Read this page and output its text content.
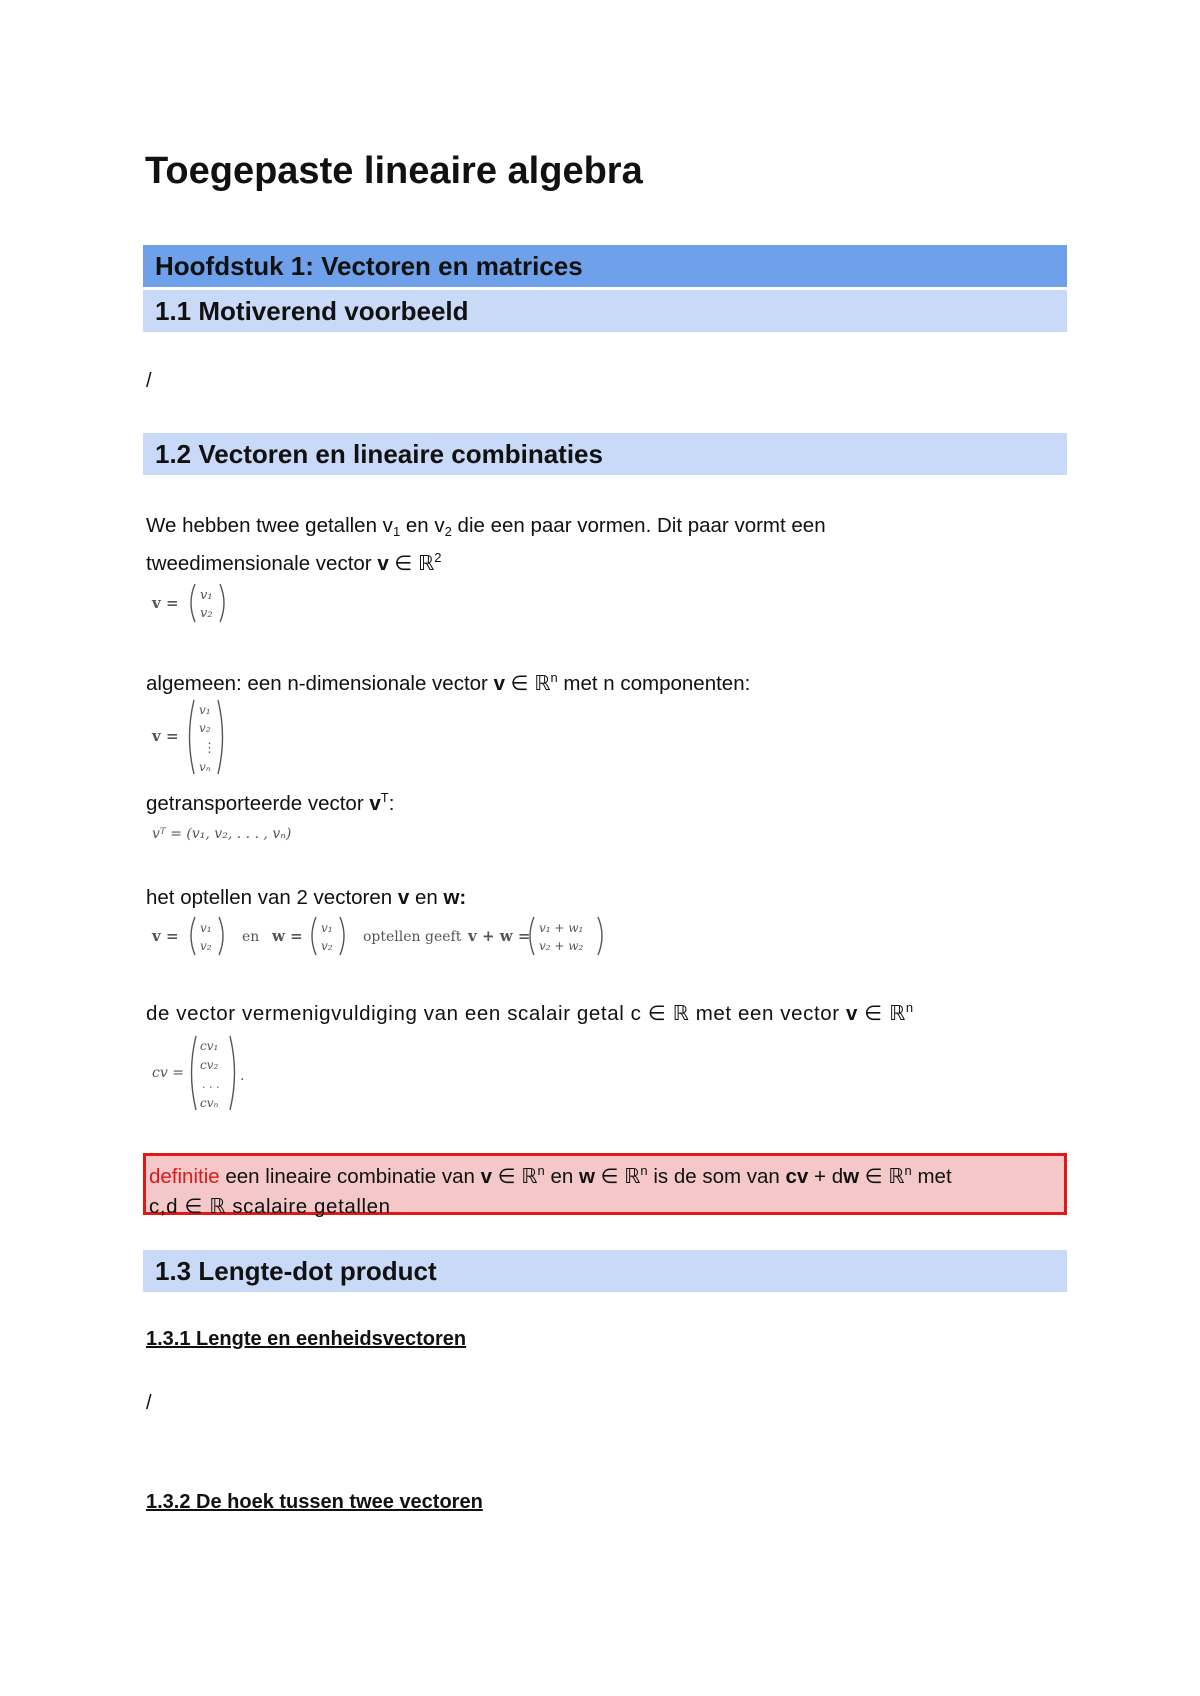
Toegepaste lineaire algebra
Hoofdstuk 1: Vectoren en matrices
1.1 Motiverend voorbeeld
/
1.2 Vectoren en lineaire combinaties
We hebben twee getallen $v_1$ en $v_2$ die een paar vormen. Dit paar vormt een
tweedimensionale vector v ∈ ℝ$^2$
v = v₁
v₂
algemeen: een n-dimensionale vector v ∈ ℝ$^n$ met n componenten:
v =
v₁
v₂
⋮
vₙ
getransporteerde vector $v^T$:
vᵀ = (v₁, v₂, . . . , vₙ)
het optellen van 2 vectoren v en w:
v = v₁
v₂
en w = v₁
v₂
optellen geeft v + w = v₁ + w₁
v₂ + w₂
de vector vermenigvuldiging van een scalair getal c ∈ ℝ met een vector v ∈ ℝ$^n$
cv =
cv₁
cv₂
. . .
cvₙ
.
definitie een lineaire combinatie van v ∈ ℝ$^n$ en w ∈ ℝ$^n$ is de som van cv + dw ∈ ℝ$^n$ met
c,d ∈ ℝ scalaire getallen
1.3 Lengte-dot product
1.3.1 Lengte en eenheidsvectoren
/
1.3.2 De hoek tussen twee vectoren
